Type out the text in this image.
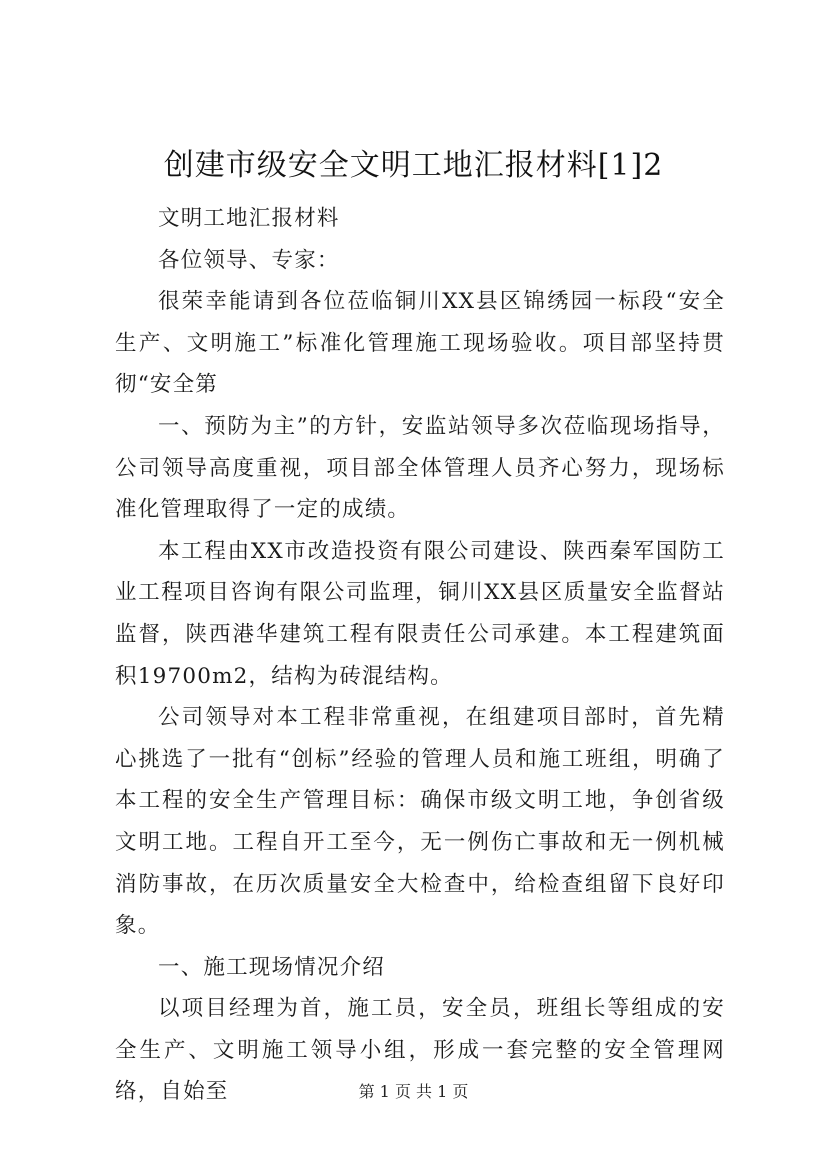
创建市级安全文明工地汇报材料[1]2

文明工地汇报材料

各位领导、专家：

很荣幸能请到各位莅临铜川XX县区锦绣园一标段“安全生产、文明施工”标准化管理施工现场验收。项目部坚持贯彻“安全第

一、预防为主”的方针，安监站领导多次莅临现场指导，公司领导高度重视，项目部全体管理人员齐心努力，现场标准化管理取得了一定的成绩。

本工程由XX市改造投资有限公司建设、陕西秦军国防工业工程项目咨询有限公司监理，铜川XX县区质量安全监督站监督，陕西港华建筑工程有限责任公司承建。本工程建筑面积19700m2，结构为砖混结构。

公司领导对本工程非常重视，在组建项目部时，首先精心挑选了一批有“创标”经验的管理人员和施工班组，明确了本工程的安全生产管理目标：确保市级文明工地，争创省级文明工地。工程自开工至今，无一例伤亡事故和无一例机械消防事故，在历次质量安全大检查中，给检查组留下良好印象。

一、施工现场情况介绍

以项目经理为首，施工员，安全员，班组长等组成的安全生产、文明施工领导小组，形成一套完整的安全管理网络，自始至	第 1 页 共 1 页
